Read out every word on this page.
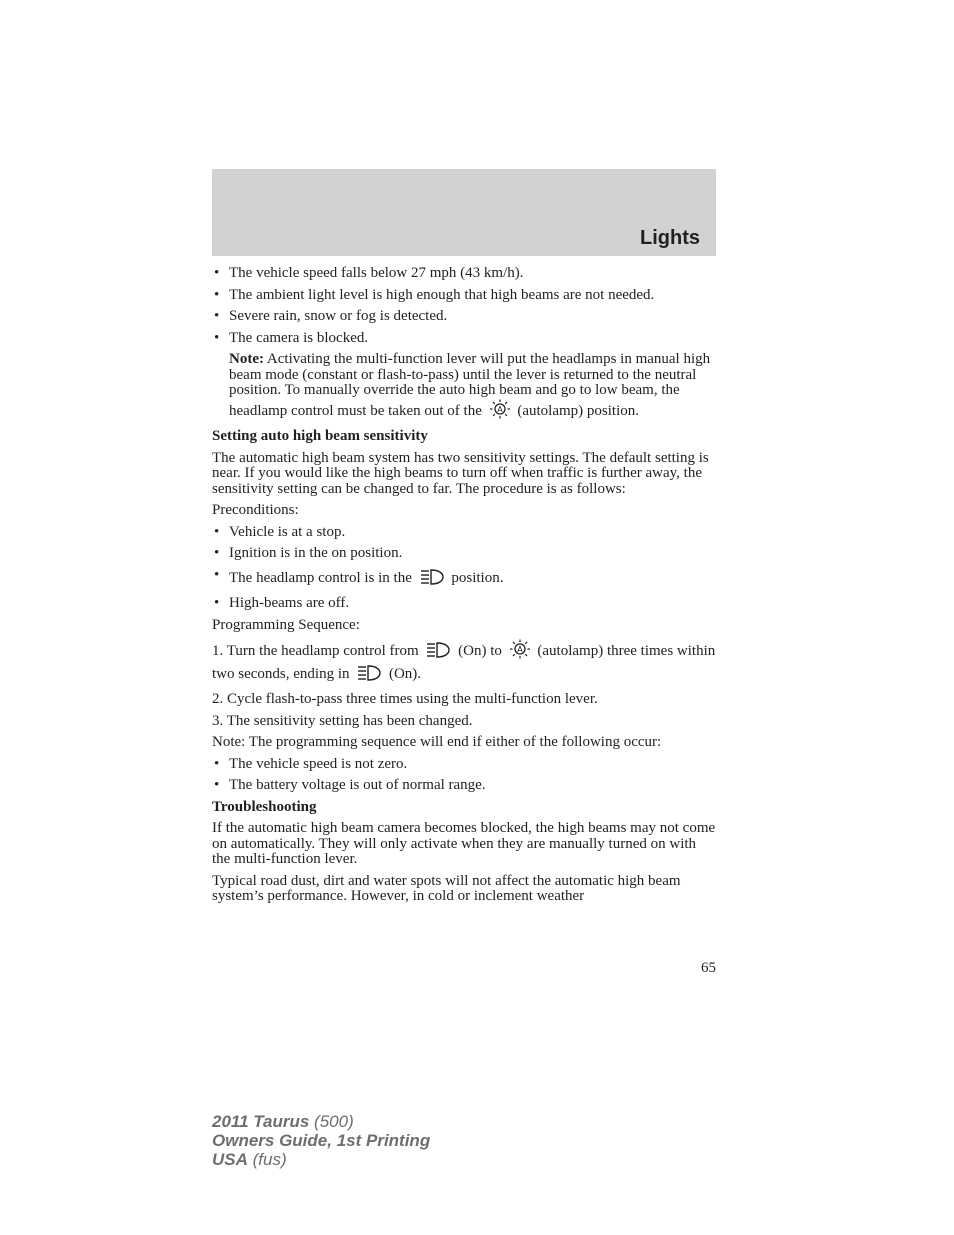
Lights
• The vehicle speed falls below 27 mph (43 km/h).
• The ambient light level is high enough that high beams are not needed.
• Severe rain, snow or fog is detected.
• The camera is blocked.
Note: Activating the multi-function lever will put the headlamps in manual high beam mode (constant or flash-to-pass) until the lever is returned to the neutral position. To manually override the auto high beam and go to low beam, the headlamp control must be taken out of the A (autolamp) position.
Setting auto high beam sensitivity
The automatic high beam system has two sensitivity settings. The default setting is near. If you would like the high beams to turn off when traffic is further away, the sensitivity setting can be changed to far. The procedure is as follows:
Preconditions:
• Vehicle is at a stop.
• Ignition is in the on position.
• The headlamp control is in the	position.
• High-beams are off.
Programming Sequence:
1. Turn the headlamp control from	(On) to A (autolamp) three times within two seconds, ending in	(On).
2. Cycle flash-to-pass three times using the multi-function lever.
3. The sensitivity setting has been changed.
Note: The programming sequence will end if either of the following occur:
• The vehicle speed is not zero.
• The battery voltage is out of normal range.
Troubleshooting
If the automatic high beam camera becomes blocked, the high beams may not come on automatically. They will only activate when they are manually turned on with the multi-function lever.
Typical road dust, dirt and water spots will not affect the automatic high beam system’s performance. However, in cold or inclement weather
65
2011 Taurus (500)
Owners Guide, 1st Printing
USA (fus)
